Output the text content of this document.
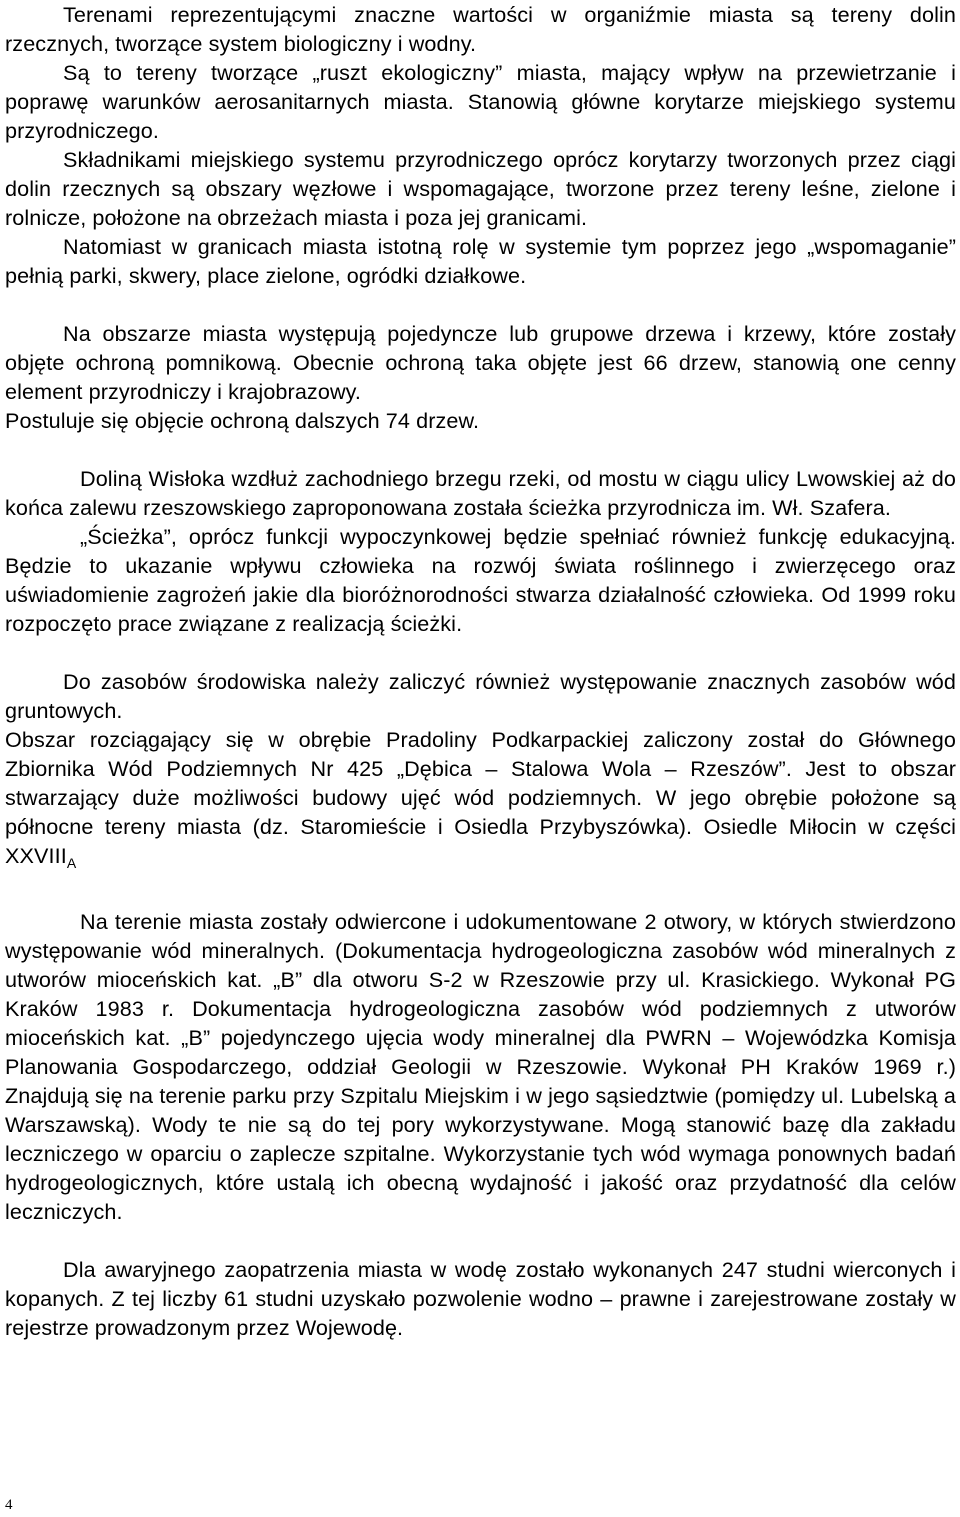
Terenami reprezentującymi znaczne wartości w organiźmie miasta są tereny dolin rzecznych, tworzące system biologiczny i wodny.

Są to tereny tworzące „ruszt ekologiczny” miasta, mający wpływ na przewietrzanie i poprawę warunków aerosanitarnych miasta. Stanowią główne korytarze miejskiego systemu przyrodniczego.

Składnikami miejskiego systemu przyrodniczego oprócz korytarzy tworzonych przez ciągi dolin rzecznych są obszary węzłowe i wspomagające, tworzone przez tereny leśne, zielone i rolnicze, położone na obrzeżach miasta i poza jej granicami.

Natomiast w granicach miasta istotną rolę w systemie tym poprzez jego „wspomaganie” pełnią parki, skwery, place zielone, ogródki działkowe.

Na obszarze miasta występują pojedyncze lub grupowe drzewa i krzewy, które zostały objęte ochroną pomnikową. Obecnie ochroną taka objęte jest 66 drzew, stanowią one cenny element przyrodniczy i krajobrazowy.

Postuluje się objęcie ochroną dalszych 74 drzew.

Doliną Wisłoka wzdłuż zachodniego brzegu rzeki, od mostu w ciągu ulicy Lwowskiej aż do końca zalewu rzeszowskiego zaproponowana została ścieżka przyrodnicza im. Wł. Szafera.

„Ścieżka”, oprócz funkcji wypoczynkowej będzie spełniać również funkcję edukacyjną. Będzie to ukazanie wpływu człowieka na rozwój świata roślinnego i zwierzęcego oraz uświadomienie zagrożeń jakie dla bioróżnorodności stwarza działalność człowieka. Od 1999 roku rozpoczęto prace związane z realizacją ścieżki.

Do zasobów środowiska należy zaliczyć również występowanie znacznych zasobów wód gruntowych.

Obszar rozciągający się w obrębie Pradoliny Podkarpackiej zaliczony został do Głównego Zbiornika Wód Podziemnych Nr 425 „Dębica – Stalowa Wola – Rzeszów”. Jest to obszar stwarzający duże możliwości budowy ujęć wód podziemnych. W jego obrębie położone są północne tereny miasta (dz. Staromieście i Osiedla Przybyszówka). Osiedle Miłocin w części $XXVIII_A$

Na terenie miasta zostały odwiercone i udokumentowane 2 otwory, w których stwierdzono występowanie wód mineralnych. (Dokumentacja hydrogeologiczna zasobów wód mineralnych z utworów mioceńskich kat. „B” dla otworu S-2 w Rzeszowie przy ul. Krasickiego. Wykonał PG Kraków 1983 r. Dokumentacja hydrogeologiczna zasobów wód podziemnych z utworów mioceńskich kat. „B” pojedynczego ujęcia wody mineralnej dla PWRN – Wojewódzka Komisja Planowania Gospodarczego, oddział Geologii w Rzeszowie. Wykonał PH Kraków 1969 r.) Znajdują się na terenie parku przy Szpitalu Miejskim i w jego sąsiedztwie (pomiędzy ul. Lubelską a Warszawską). Wody te nie są do tej pory wykorzystywane. Mogą stanowić bazę dla zakładu leczniczego w oparciu o zaplecze szpitalne. Wykorzystanie tych wód wymaga ponownych badań hydrogeologicznych, które ustalą ich obecną wydajność i jakość oraz przydatność dla celów leczniczych.

Dla awaryjnego zaopatrzenia miasta w wodę zostało wykonanych 247 studni wierconych i kopanych. Z tej liczby 61 studni uzyskało pozwolenie wodno – prawne i zarejestrowane zostały w rejestrze prowadzonym przez Wojewodę.

4
